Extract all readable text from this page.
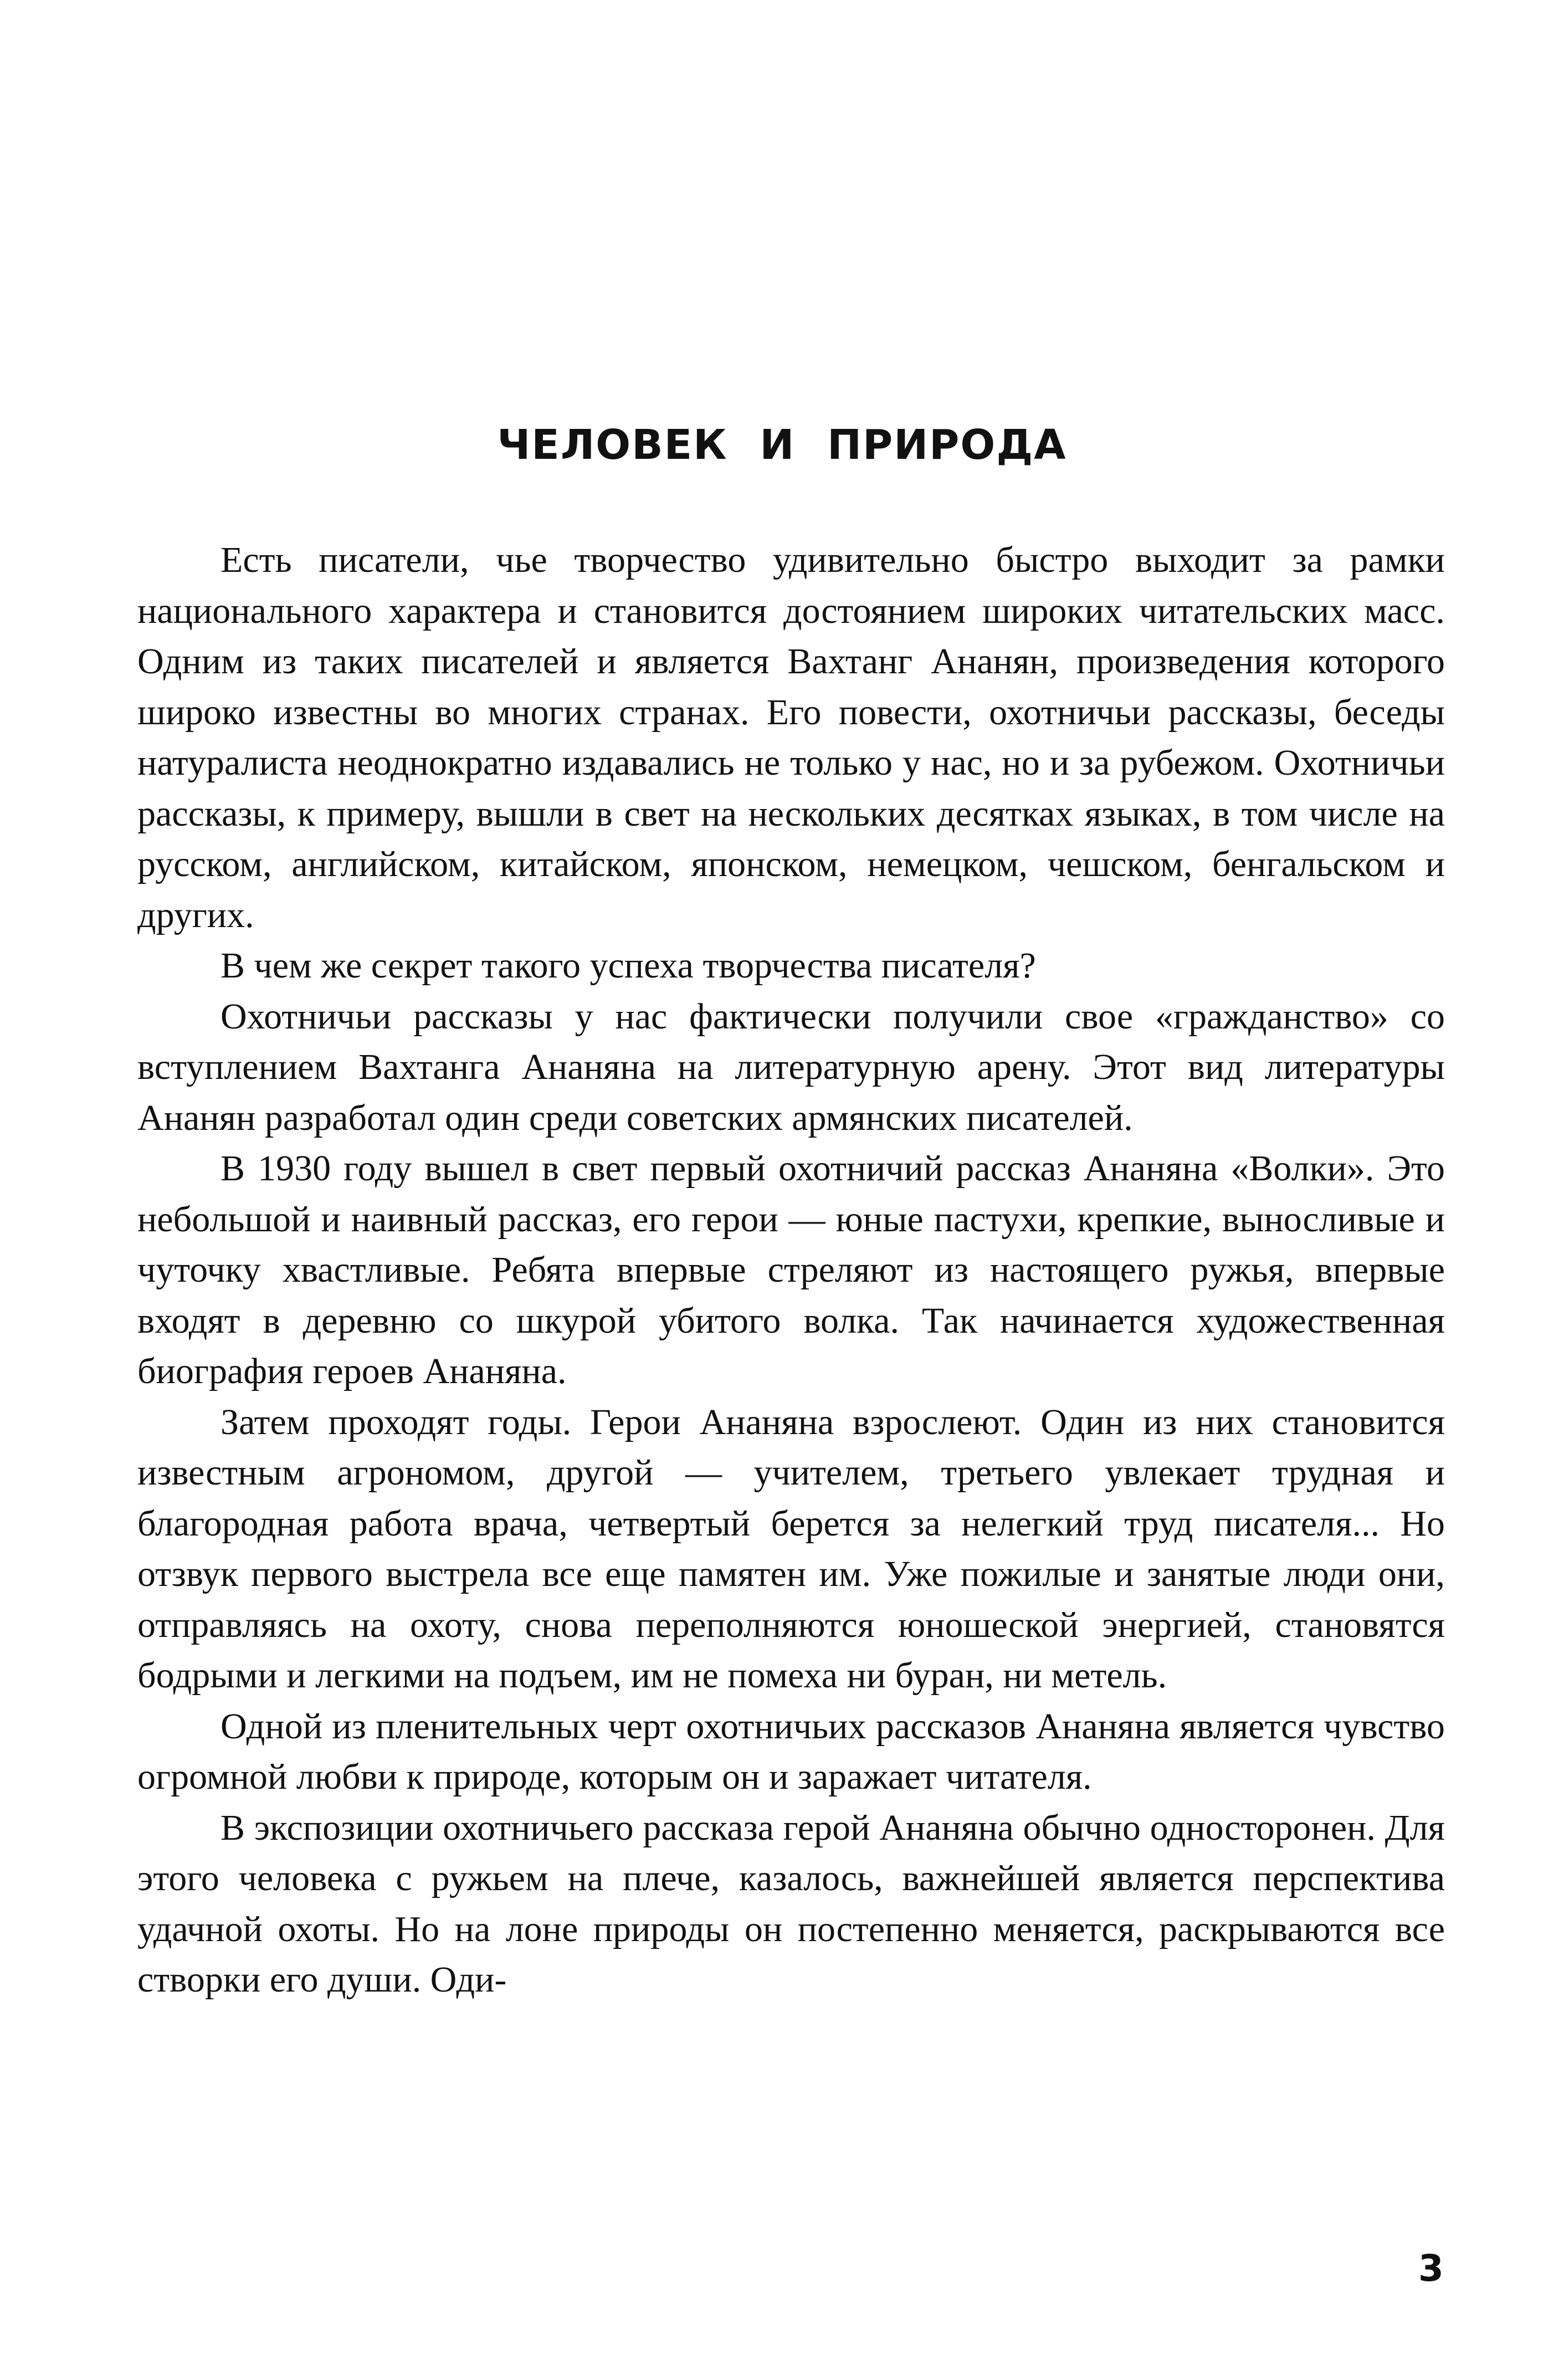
ЧЕЛОВЕК И ПРИРОДА

Есть писатели, чье творчество удивительно быстро выходит за рамки национального характера и становится достоянием широких читательских масс. Одним из таких писателей и является Вахтанг Ананян, произведения которого широко известны во многих странах. Его повести, охотничьи рассказы, беседы натуралиста неоднократно издавались не только у нас, но и за рубежом. Охотничьи рассказы, к примеру, вышли в свет на нескольких десятках языках, в том числе на русском, английском, китайском, японском, немецком, чешском, бенгальском и других.

В чем же секрет такого успеха творчества писателя?

Охотничьи рассказы у нас фактически получили свое «гражданство» со вступлением Вахтанга Ананяна на литературную арену. Этот вид литературы Ананян разработал один среди советских армянских писателей.

В 1930 году вышел в свет первый охотничий рассказ Ананяна «Волки». Это небольшой и наивный рассказ, его герои — юные пастухи, крепкие, выносливые и чуточку хвастливые. Ребята впервые стреляют из настоящего ружья, впервые входят в деревню со шкурой убитого волка. Так начинается художественная биография героев Ананяна.

Затем проходят годы. Герои Ананяна взрослеют. Один из них становится известным агрономом, другой — учителем, третьего увлекает трудная и благородная работа врача, четвертый берется за нелегкий труд писателя... Но отзвук первого выстрела все еще памятен им. Уже пожилые и занятые люди они, отправляясь на охоту, снова переполняются юношеской энергией, становятся бодрыми и легкими на подъем, им не помеха ни буран, ни метель.

Одной из пленительных черт охотничьих рассказов Ананяна является чувство огромной любви к природе, которым он и заражает читателя.

В экспозиции охотничьего рассказа герой Ананяна обычно односторонен. Для этого человека с ружьем на плече, казалось, важнейшей является перспектива удачной охоты. Но на лоне природы он постепенно меняется, раскрываются все створки его души. Оди-

3
